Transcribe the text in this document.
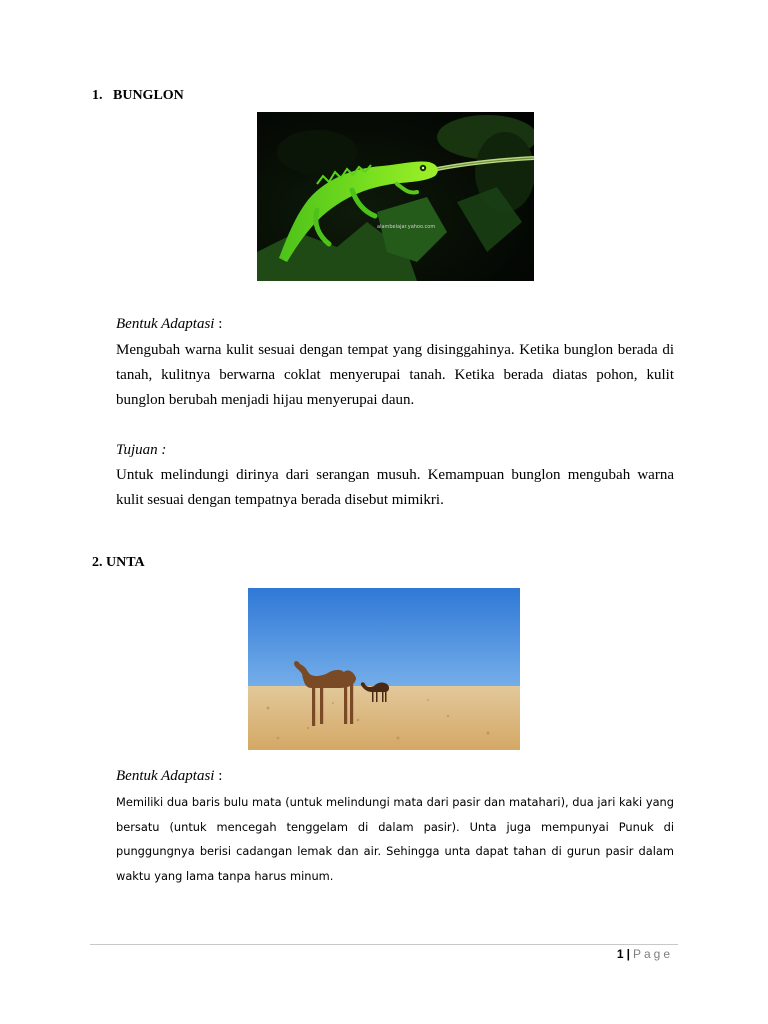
1.   BUNGLON
alambelajar.yahoo.com
Bentuk Adaptasi :
Mengubah warna kulit sesuai dengan tempat yang disinggahinya. Ketika bunglon berada di tanah, kulitnya berwarna coklat menyerupai tanah. Ketika berada diatas pohon, kulit bunglon berubah menjadi hijau menyerupai daun.
Tujuan :
Untuk melindungi dirinya dari serangan musuh. Kemampuan bunglon mengubah warna kulit sesuai dengan tempatnya berada disebut mimikri.
2. UNTA
Bentuk Adaptasi :
Memiliki dua baris bulu mata (untuk melindungi mata dari pasir dan matahari), dua jari kaki yang bersatu (untuk mencegah tenggelam di dalam pasir). Unta juga mempunyai Punuk di punggungnya berisi cadangan lemak dan air. Sehingga unta dapat tahan di gurun pasir dalam waktu yang lama tanpa harus minum.
1 | Page
